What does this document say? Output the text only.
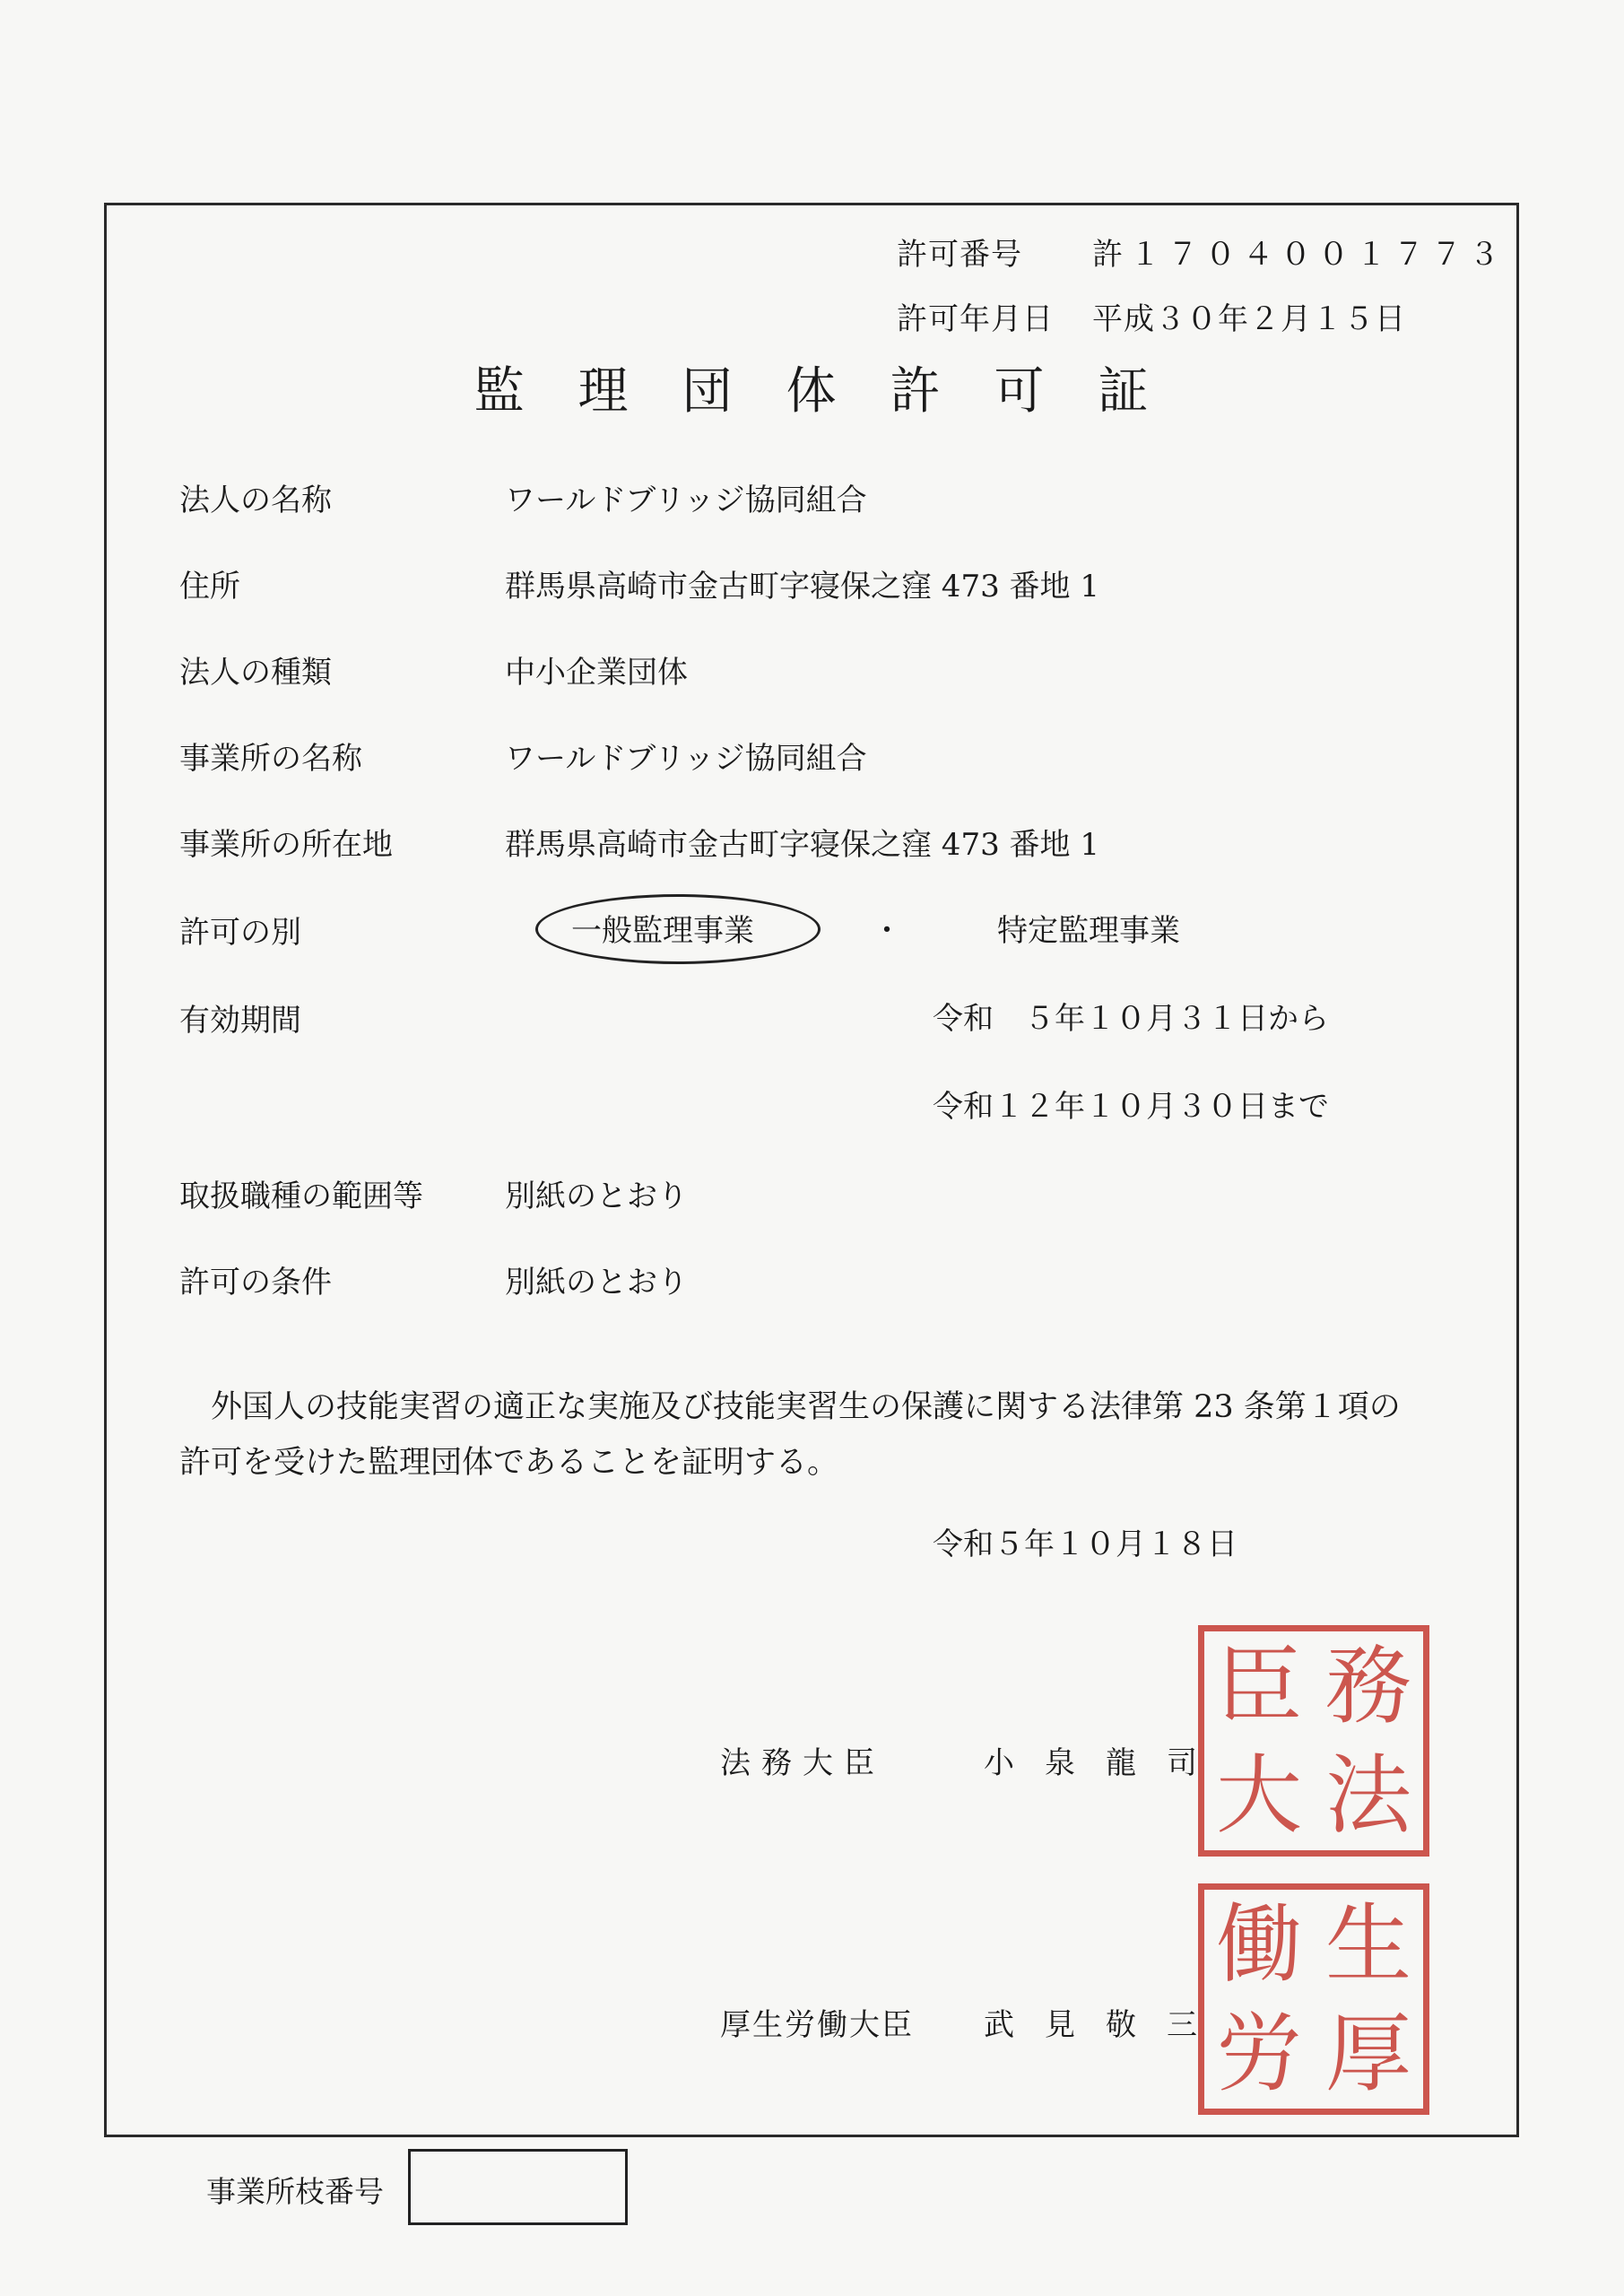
許可番号 許１７０４００１７７３
許可年月日 平成３０年２月１５日
監　理　団　体　許　可　証
法人の名称	ワールドブリッジ協同組合
住所	群馬県高崎市金古町字寝保之窪 473 番地 1
法人の種類	中小企業団体
事業所の名称	ワールドブリッジ協同組合
事業所の所在地	群馬県高崎市金古町字寝保之窪 473 番地 1
許可の別	一般監理事業	・	特定監理事業
有効期間	令和　５年１０月３１日から
令和１２年１０月３０日まで
取扱職種の範囲等	別紙のとおり
許可の条件	別紙のとおり

外国人の技能実習の適正な実施及び技能実習生の保護に関する法律第 23 条第１項の

許可を受けた監理団体であることを証明する。

令和５年１０月１８日
法務大臣	小泉龍司
厚生労働大臣 武見敬三
臣 務
大 法
働 生
労 厚
事業所枝番号
